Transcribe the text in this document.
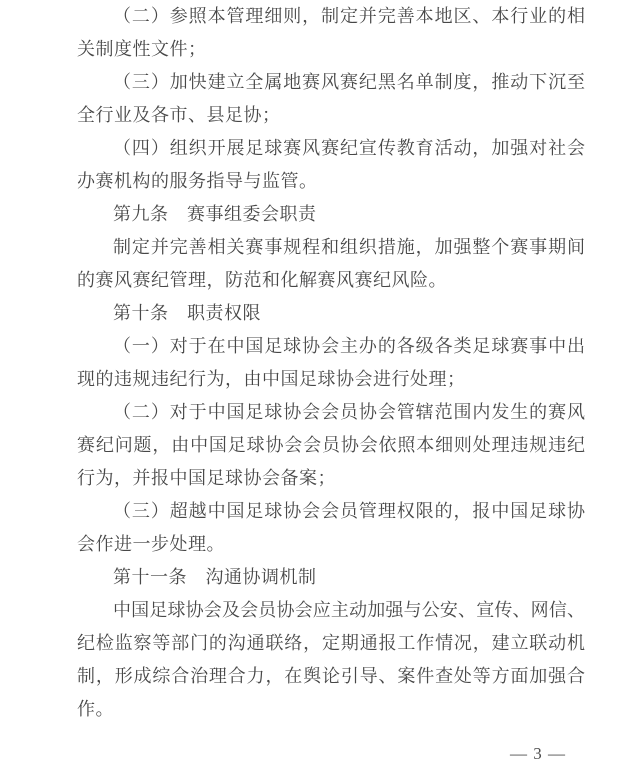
（二）参照本管理细则，制定并完善本地区、本行业的相
关制度性文件；
（三）加快建立全属地赛风赛纪黑名单制度，推动下沉至
全行业及各市、县足协；
（四）组织开展足球赛风赛纪宣传教育活动，加强对社会
办赛机构的服务指导与监管。
第九条　赛事组委会职责
制定并完善相关赛事规程和组织措施，加强整个赛事期间
的赛风赛纪管理，防范和化解赛风赛纪风险。
第十条　职责权限
（一）对于在中国足球协会主办的各级各类足球赛事中出
现的违规违纪行为，由中国足球协会进行处理；
（二）对于中国足球协会会员协会管辖范围内发生的赛风
赛纪问题，由中国足球协会会员协会依照本细则处理违规违纪
行为，并报中国足球协会备案；
（三）超越中国足球协会会员管理权限的，报中国足球协
会作进一步处理。
第十一条　沟通协调机制
中国足球协会及会员协会应主动加强与公安、宣传、网信、
纪检监察等部门的沟通联络，定期通报工作情况，建立联动机
制，形成综合治理合力，在舆论引导、案件查处等方面加强合
作。
— 3 —
